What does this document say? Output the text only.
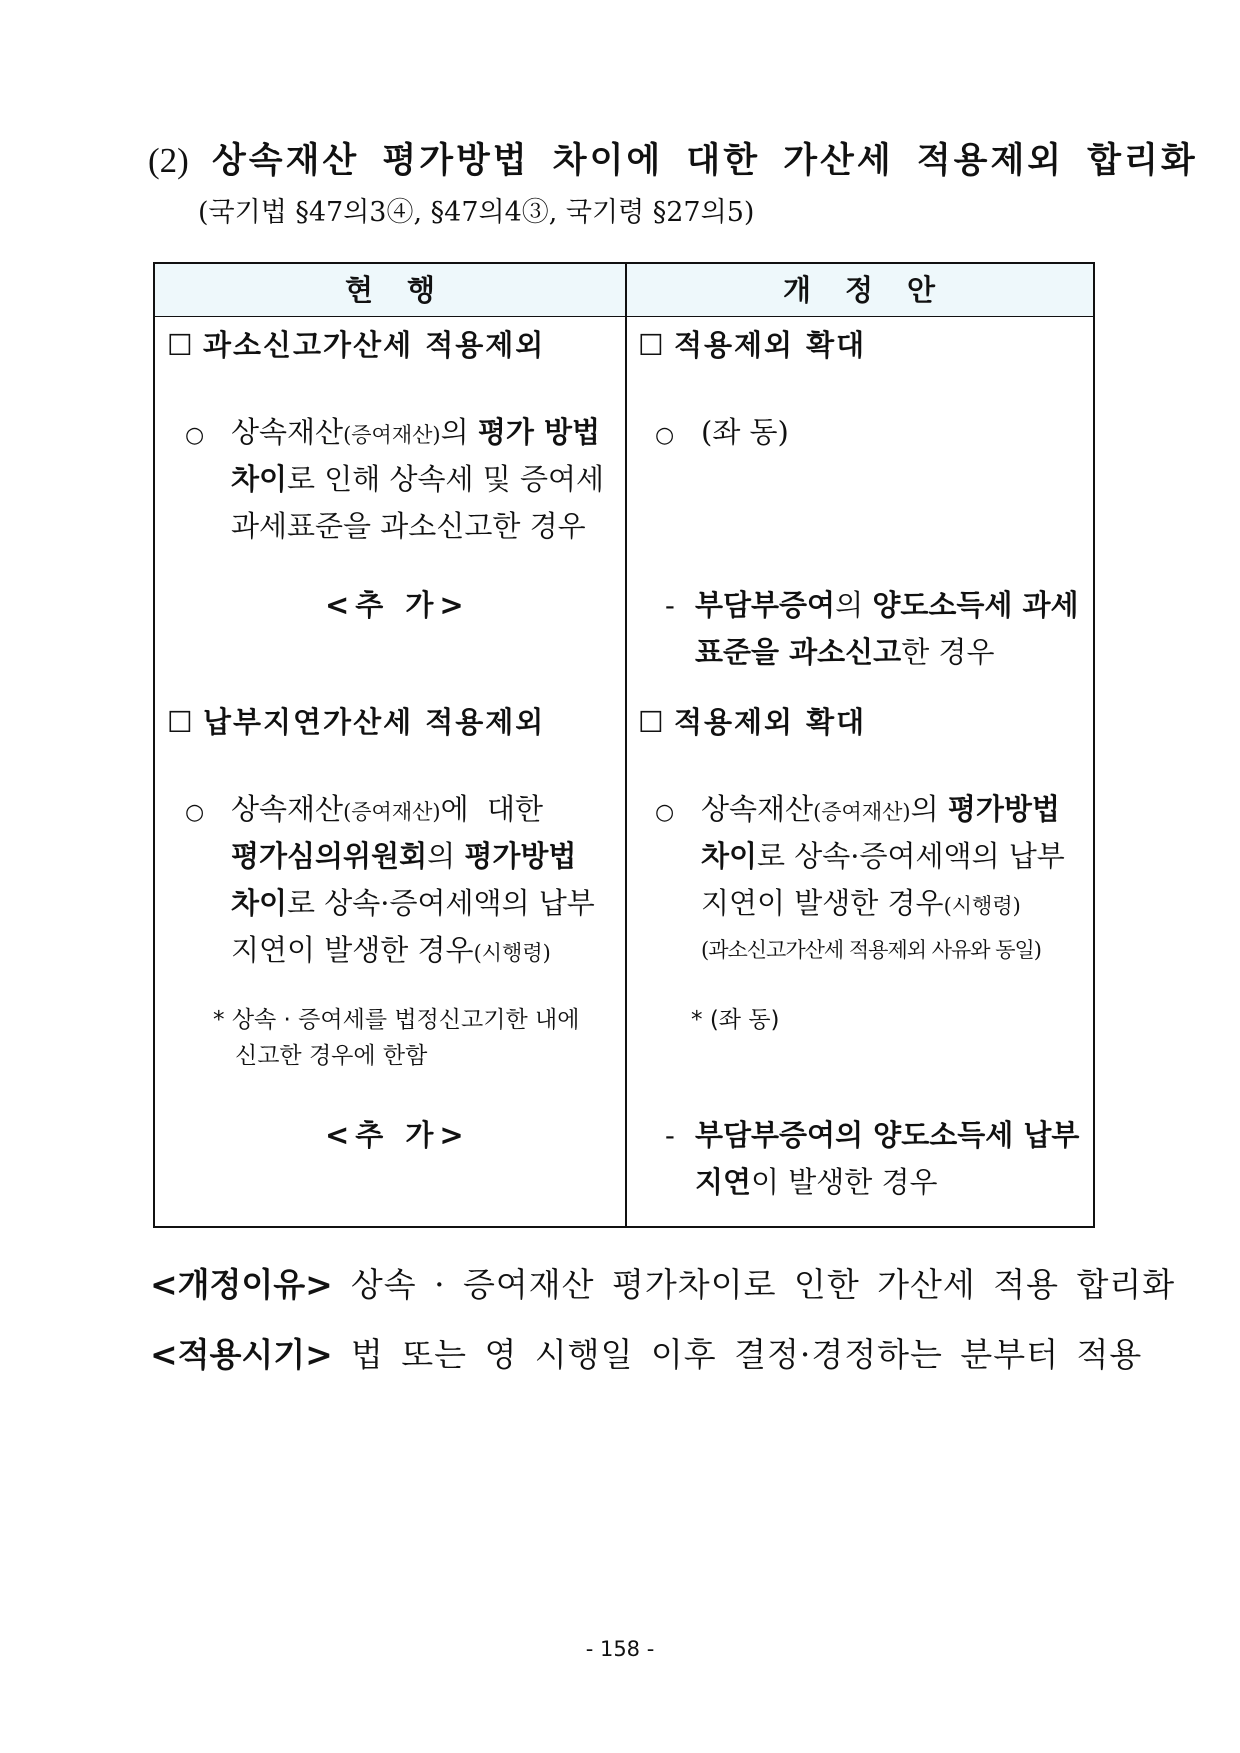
(2) 상속재산 평가방법 차이에 대한 가산세 적용제외 합리화
(국기법 §47의3④, §47의4③, 국기령 §27의5)
현행	개정안
☐ 과소신고가산세 적용제외
○ 상속재산(증여재산)의 평가 방법
차이로 인해 상속세 및 증여세
과세표준을 과소신고한 경우
<추 가>
☐ 납부지연가산세 적용제외
○ 상속재산(증여재산)에  대한
평가심의위원회의 평가방법
차이로 상속·증여세액의 납부
지연이 발생한 경우(시행령)
* 상속 · 증여세를 법정신고기한 내에
신고한 경우에 한함
<추 가>
☐ 적용제외 확대
○ (좌 동)
- 부담부증여의 양도소득세 과세
표준을 과소신고한 경우
☐ 적용제외 확대
○ 상속재산(증여재산)의 평가방법
차이로 상속·증여세액의 납부
지연이 발생한 경우(시행령)
(과소신고가산세 적용제외 사유와 동일)
* (좌 동)
- 부담부증여의 양도소득세 납부
지연이 발생한 경우
<개정이유> 상속 · 증여재산 평가차이로 인한 가산세 적용 합리화
<적용시기> 법 또는 영 시행일 이후 결정·경정하는 분부터 적용
- 158 -
